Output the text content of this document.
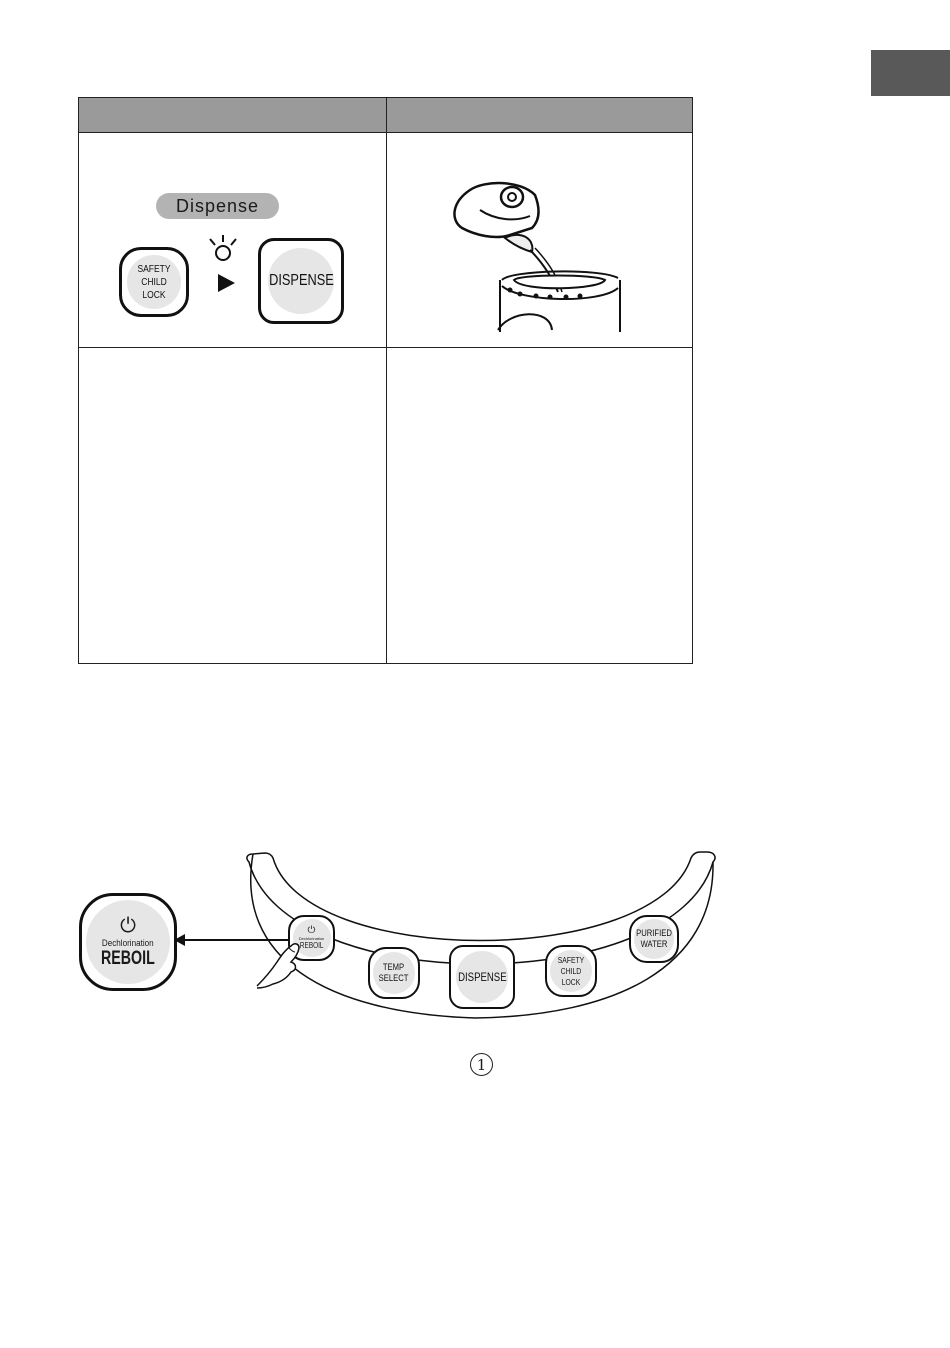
Dispense
SAFETY
CHILD LOCK
DISPENSE
⏻
Dechlorination
REBOIL
⏻
Dechlorination
REBOIL
TEMP
SELECT	DISPENSE
SAFETY
CHILD LOCK
PURIFIED
WATER
1
